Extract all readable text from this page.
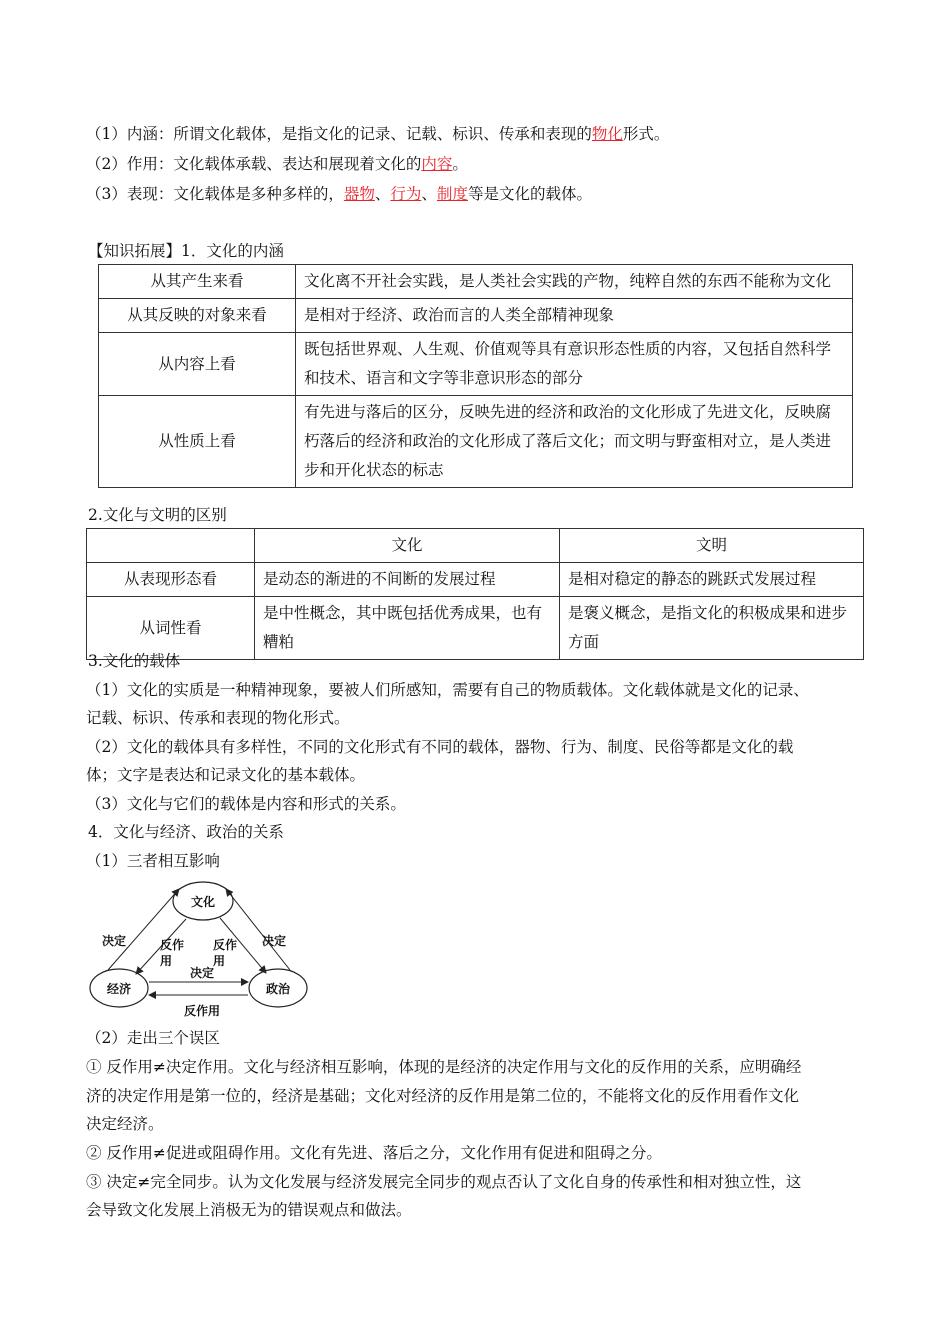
（1）内涵：所谓文化载体，是指文化的记录、记载、标识、传承和表现的物化形式。
（2）作用：文化载体承载、表达和展现着文化的内容。
（3）表现：文化载体是多种多样的，器物、行为、制度等是文化的载体。
【知识拓展】1．文化的内涵
从其产生来看	文化离不开社会实践，是人类社会实践的产物，纯粹自然的东西不能称为文化
从其反映的对象来看	是相对于经济、政治而言的人类全部精神现象
从内容上看	既包括世界观、人生观、价值观等具有意识形态性质的内容，又包括自然科学和技术、语言和文字等非意识形态的部分
从性质上看	有先进与落后的区分，反映先进的经济和政治的文化形成了先进文化，反映腐朽落后的经济和政治的文化形成了落后文化；而文明与野蛮相对立，是人类进步和开化状态的标志
2.文化与文明的区别
	文化	文明
从表现形态看	是动态的渐进的不间断的发展过程	是相对稳定的静态的跳跃式发展过程
从词性看	是中性概念，其中既包括优秀成果，也有糟粕	是褒义概念，是指文化的积极成果和进步方面
3.文化的载体
（1）文化的实质是一种精神现象，要被人们所感知，需要有自己的物质载体。文化载体就是文化的记录、
记载、标识、传承和表现的物化形式。
（2）文化的载体具有多样性，不同的文化形式有不同的载体，器物、行为、制度、民俗等都是文化的载
体；文字是表达和记录文化的基本载体。
（3）文化与它们的载体是内容和形式的关系。
4．文化与经济、政治的关系
（1）三者相互影响
文化
经济	政治
决定	决定
反作
用
反作
用
决定
反作用
（2）走出三个误区
① 反作用≠决定作用。文化与经济相互影响，体现的是经济的决定作用与文化的反作用的关系，应明确经
济的决定作用是第一位的，经济是基础；文化对经济的反作用是第二位的，不能将文化的反作用看作文化
决定经济。
② 反作用≠促进或阻碍作用。文化有先进、落后之分，文化作用有促进和阻碍之分。
③ 决定≠完全同步。认为文化发展与经济发展完全同步的观点否认了文化自身的传承性和相对独立性，这
会导致文化发展上消极无为的错误观点和做法。
